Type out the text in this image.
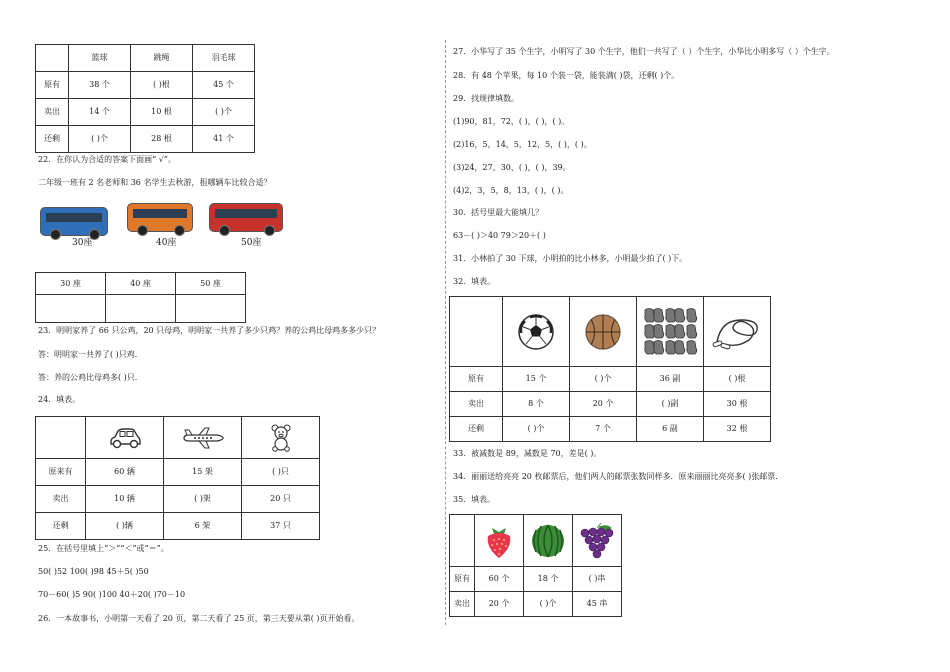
	篮球	跳绳	羽毛球
原有	38 个	( )根	45 个
卖出	14 个	10 根	( )个
还剩	( )个	28 根	41 个
22．在你认为合适的答案下面画“ √”。
二年级一班有 2 名老师和 36 名学生去秋游，租哪辆车比较合适？
30座	40座	50座
30 座	40 座	50 座

23．明明家养了 66 只公鸡，20 只母鸡，明明家一共养了多少只鸡？养的公鸡比母鸡多多少只？
答：明明家一共养了( )只鸡．
答：养的公鸡比母鸡多( )只．
24．填表。

原来有	60 辆	15 架	( )只
卖出	10 辆	( )架	20 只
还剩	( )辆	6 架	37 只
25．在括号里填上“＞”“＜”或“＝”。
50( )52 100( )98 45＋5( )50
70－60( )5 90( )100 40＋20( )70－10
26．一本故事书，小明第一天看了 20 页，第二天看了 25 页，第三天要从第( )页开始看。
27．小华写了 35 个生字，小明写了 30 个生字，他们一共写了（ ）个生字，小华比小明多写（ ）个生字。
28．有 48 个苹果，每 10 个装一袋，能装满( )袋，还剩( )个。
29．找规律填数。
(1)90，81，72，( )，( )，( )。
(2)16，5，14，5，12，5，( )，( )。
(3)24，27，30，( )，( )，39。
(4)2，3，5，8，13，( )，( )。
30．括号里最大能填几？
63－( )＞40 79＞20＋( )
31．小林拍了 30 下球，小明拍的比小林多，小明最少拍了( )下。
32．填表。

原有	15 个	( )个	36 副	( )根
卖出	8 个	20 个	( )副	30 根
还剩	( )个	7 个	6 副	32 根
33．被减数是 89，减数是 70，差是( )。
34．丽丽送给亮亮 20 枚邮票后，他们两人的邮票张数同样多．原来丽丽比亮亮多( )张邮票．
35．填表。

原有	60 个	18 个	( )串
卖出	20 个	( )个	45 串
